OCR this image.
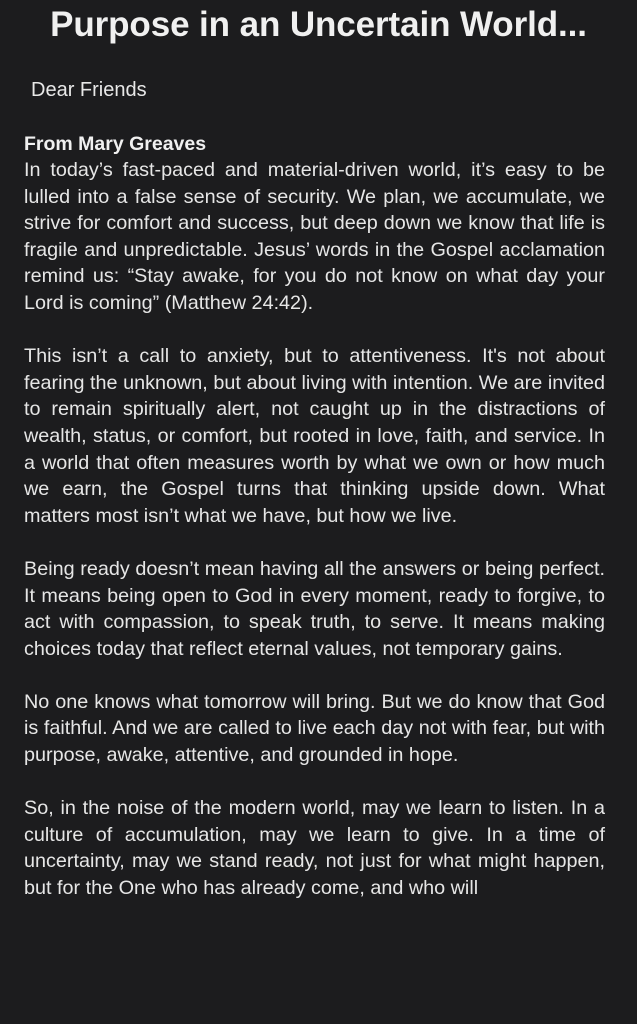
Purpose in an Uncertain World...

Dear Friends

From Mary Greaves

In today’s fast-paced and material-driven world, it’s easy to be lulled into a false sense of security. We plan, we accumulate, we strive for comfort and success, but deep down we know that life is fragile and unpredictable. Jesus’ words in the Gospel acclamation remind us: “Stay awake, for you do not know on what day your Lord is coming” (Matthew 24:42).

This isn’t a call to anxiety, but to attentiveness. It's not about fearing the unknown, but about living with intention. We are invited to remain spiritually alert, not caught up in the distractions of wealth, status, or comfort, but rooted in love, faith, and service. In a world that often measures worth by what we own or how much we earn, the Gospel turns that thinking upside down. What matters most isn’t what we have, but how we live.

Being ready doesn’t mean having all the answers or being perfect. It means being open to God in every moment, ready to forgive, to act with compassion, to speak truth, to serve. It means making choices today that reflect eternal values, not temporary gains.

No one knows what tomorrow will bring. But we do know that God is faithful. And we are called to live each day not with fear, but with purpose, awake, attentive, and grounded in hope.

So, in the noise of the modern world, may we learn to listen. In a culture of accumulation, may we learn to give. In a time of uncertainty, may we stand ready, not just for what might happen, but for the One who has already come, and who will
